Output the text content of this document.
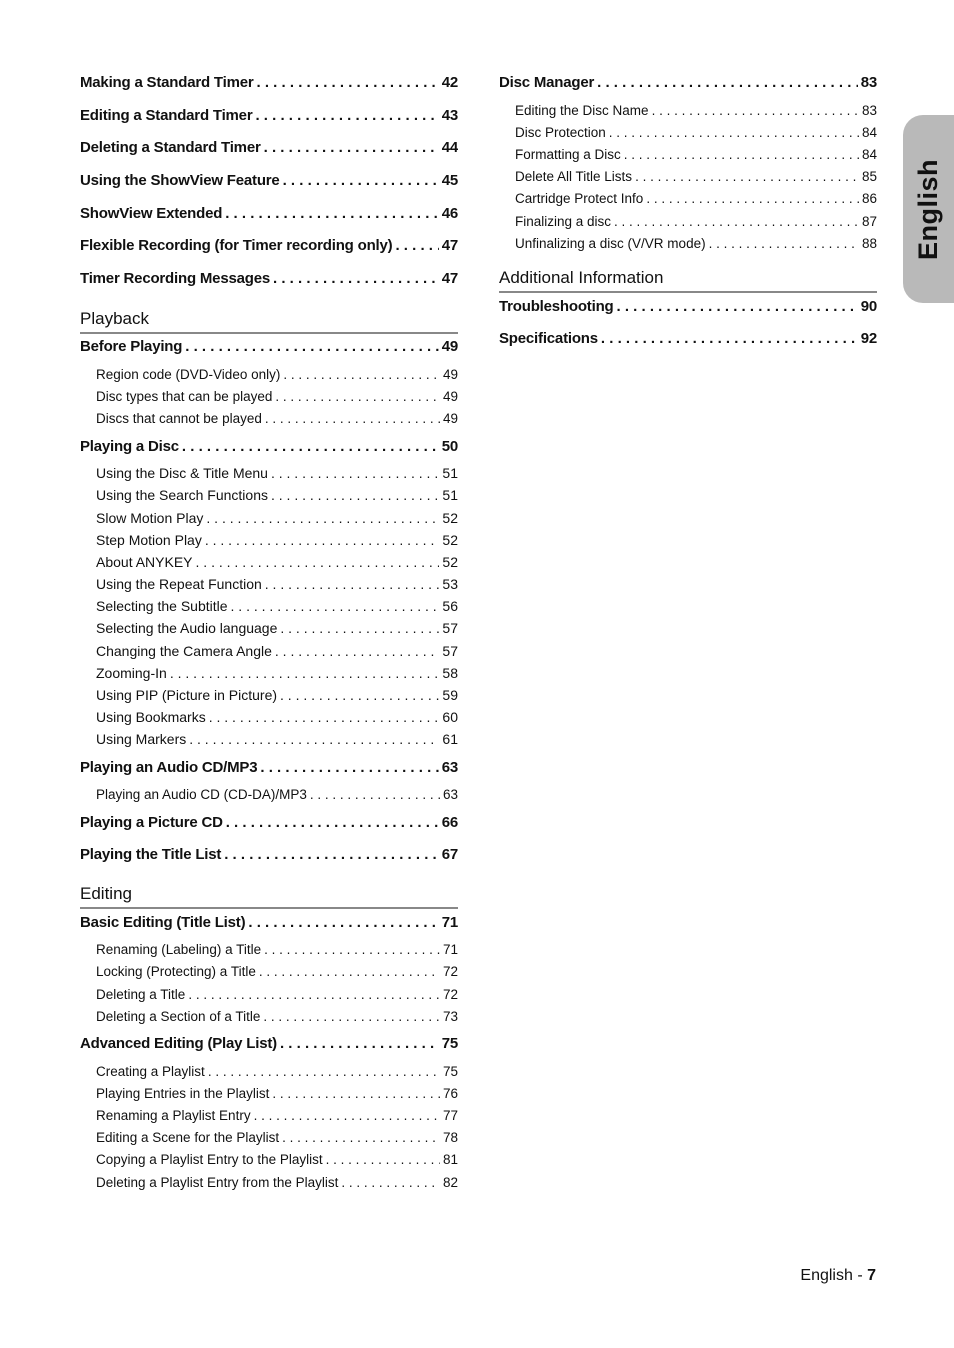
English
Making a Standard Timer . . .	42
Editing a Standard Timer . . .	43
Deleting a Standard Timer . . .	44
Using the ShowView Feature . . .	45
ShowView Extended . . .	46
Flexible Recording (for Timer recording only) . . .	47
Timer Recording Messages . . .	47
Playback
Before Playing . . .	49
Region code (DVD-Video only) . . .	49
Disc types that can be played . . .	49
Discs that cannot be played . . .	49
Playing a Disc . . .	50
Using the Disc & Title Menu . . .	51
Using the Search Functions . . .	51
Slow Motion Play . . .	52
Step Motion Play . . .	52
About ANYKEY . . .	52
Using the Repeat Function . . .	53
Selecting the Subtitle . . .	56
Selecting the Audio language . . .	57
Changing the Camera Angle . . .	57
Zooming-In . . .	58
Using PIP (Picture in Picture) . . .	59
Using Bookmarks . . .	60
Using Markers . . .	61
Playing an Audio CD/MP3 . . .	63
Playing an Audio CD (CD-DA)/MP3 . . .	63
Playing a Picture CD . . .	66
Playing the Title List . . .	67
Editing
Basic Editing (Title List) . . .	71
Renaming (Labeling) a Title . . .	71
Locking (Protecting) a Title . . .	72
Deleting a Title . . .	72
Deleting a Section of a Title . . .	73
Advanced Editing (Play List) . . .	75
Creating a Playlist . . .	75
Playing Entries in the Playlist . . .	76
Renaming a Playlist Entry . . .	77
Editing a Scene for the Playlist . . .	78
Copying a Playlist Entry to the Playlist . . .	81
Deleting a Playlist Entry from the Playlist . . .	82
Disc Manager . . .	83
Editing the Disc Name . . .	83
Disc Protection . . .	84
Formatting a Disc . . .	84
Delete All Title Lists . . .	85
Cartridge Protect Info . . .	86
Finalizing a disc . . .	87
Unfinalizing a disc (V/VR mode) . . .	88
Additional Information
Troubleshooting . . .	90
Specifications . . .	92
English - 7
